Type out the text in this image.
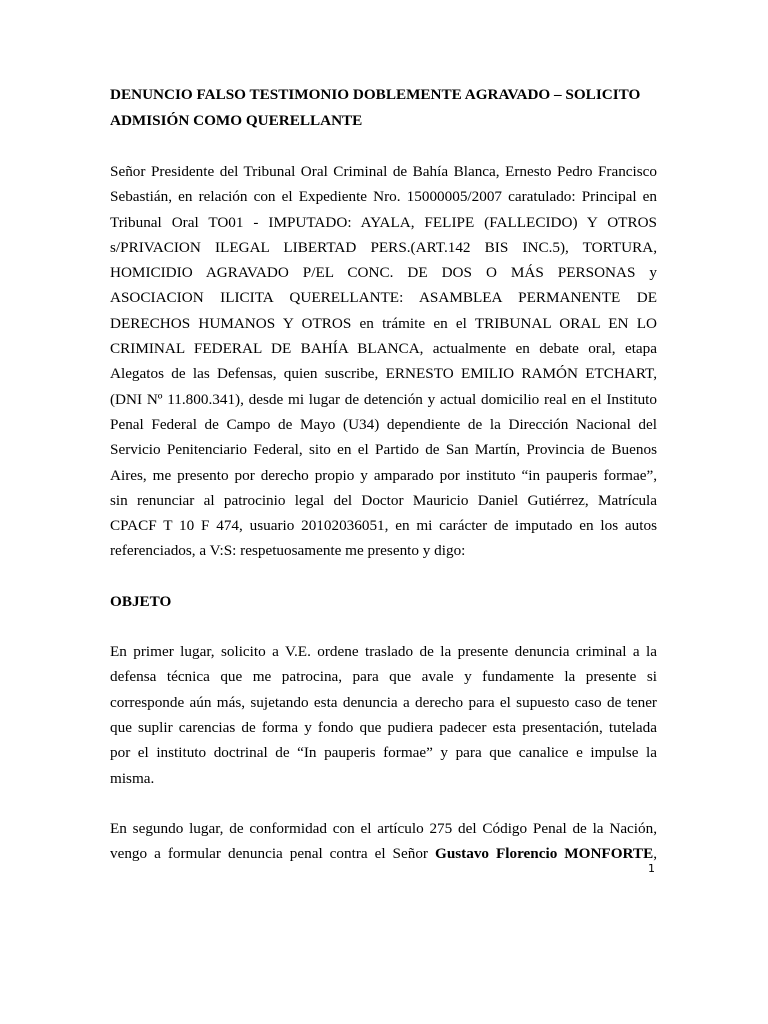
DENUNCIO FALSO TESTIMONIO DOBLEMENTE AGRAVADO – SOLICITO
ADMISIÓN COMO QUERELLANTE
Señor Presidente del Tribunal Oral Criminal de Bahía Blanca, Ernesto Pedro Francisco
Sebastián, en relación con el Expediente Nro. 15000005/2007 caratulado: Principal en
Tribunal Oral TO01 - IMPUTADO: AYALA, FELIPE (FALLECIDO) Y OTROS
s/PRIVACION ILEGAL LIBERTAD PERS.(ART.142 BIS INC.5), TORTURA,
HOMICIDIO AGRAVADO P/EL CONC. DE DOS O MÁS PERSONAS y
ASOCIACION ILICITA QUERELLANTE: ASAMBLEA PERMANENTE DE
DERECHOS HUMANOS Y OTROS en trámite en el TRIBUNAL ORAL EN LO
CRIMINAL FEDERAL DE BAHÍA BLANCA, actualmente en debate oral, etapa
Alegatos de las Defensas, quien suscribe, ERNESTO EMILIO RAMÓN ETCHART,
(DNI Nº 11.800.341), desde mi lugar de detención y actual domicilio real en el Instituto
Penal Federal de Campo de Mayo (U34) dependiente de la Dirección Nacional del
Servicio Penitenciario Federal, sito en el Partido de San Martín, Provincia de Buenos
Aires, me presento por derecho propio y amparado por instituto “in pauperis formae”,
sin renunciar al patrocinio legal del Doctor Mauricio Daniel Gutiérrez, Matrícula
CPACF T 10 F 474, usuario 20102036051, en mi carácter de imputado en los autos
referenciados, a V:S: respetuosamente me presento y digo:
OBJETO
En primer lugar, solicito a V.E. ordene traslado de la presente denuncia criminal a la
defensa técnica que me patrocina, para que avale y fundamente la presente si
corresponde aún más, sujetando esta denuncia a derecho para el supuesto caso de tener
que suplir carencias de forma y fondo que pudiera padecer esta presentación, tutelada
por el instituto doctrinal de “In pauperis formae” y para que canalice e impulse la
misma.
En segundo lugar, de conformidad con el artículo 275 del Código Penal de la Nación,
vengo a formular denuncia penal contra el Señor Gustavo Florencio MONFORTE,
1
